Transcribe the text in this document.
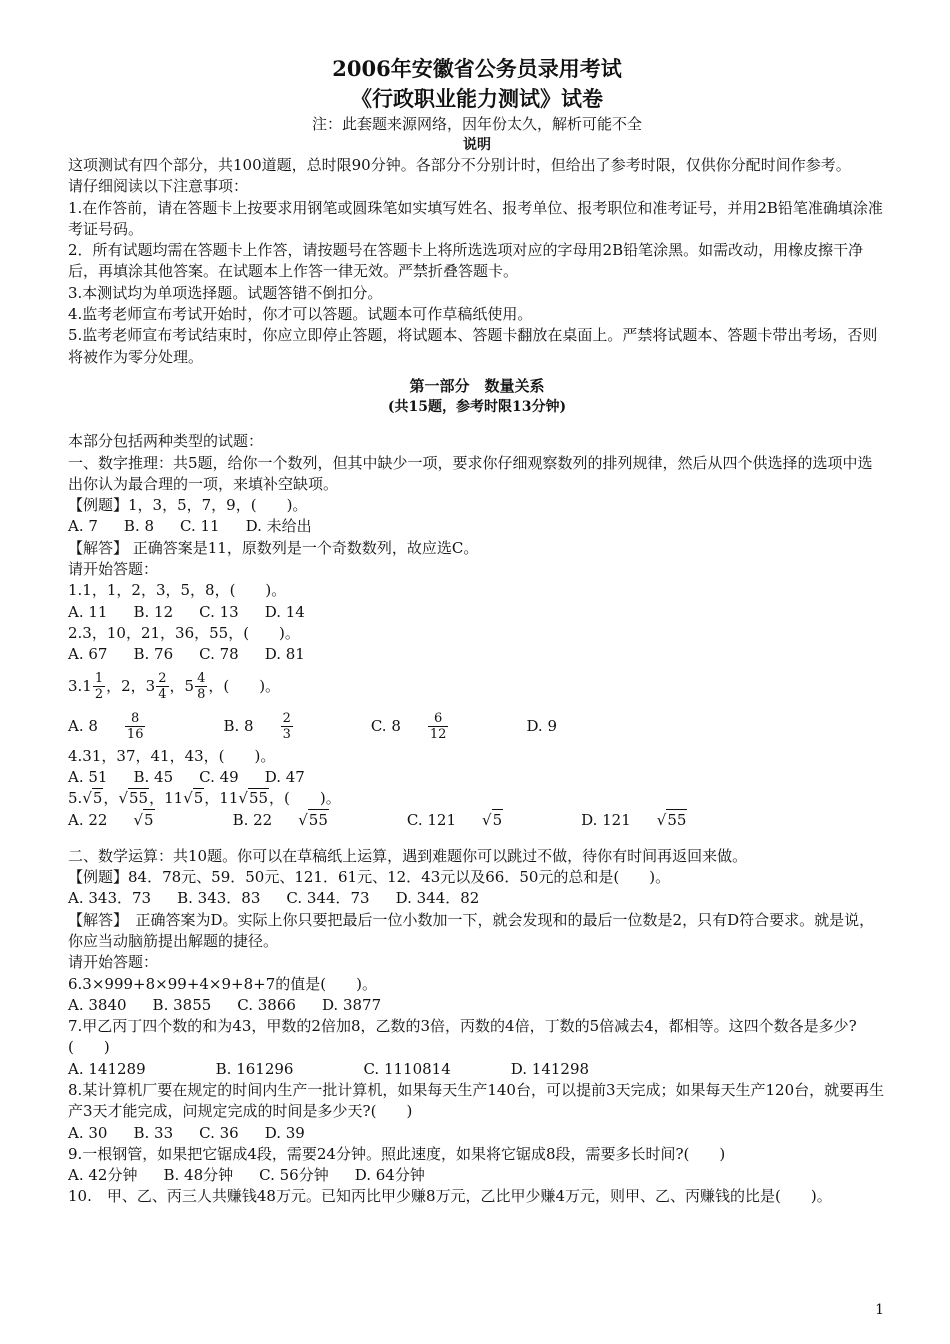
2006年安徽省公务员录用考试
《行政职业能力测试》试卷
注：此套题来源网络，因年份太久，解析可能不全
说明

这项测试有四个部分，共100道题，总时限90分钟。各部分不分别计时，但给出了参考时限，仅供你分配时间作参考。

请仔细阅读以下注意事项：

1.在作答前，请在答题卡上按要求用钢笔或圆珠笔如实填写姓名、报考单位、报考职位和准考证号，并用2B铅笔准确填涂准考证号码。

2．所有试题均需在答题卡上作答，请按题号在答题卡上将所选选项对应的字母用2B铅笔涂黑。如需改动，用橡皮擦干净后，再填涂其他答案。在试题本上作答一律无效。严禁折叠答题卡。

3.本测试均为单项选择题。试题答错不倒扣分。

4.监考老师宣布考试开始时，你才可以答题。试题本可作草稿纸使用。

5.监考老师宣布考试结束时，你应立即停止答题，将试题本、答题卡翻放在桌面上。严禁将试题本、答题卡带出考场，否则将被作为零分处理。

第一部分　数量关系
(共15题，参考时限13分钟)

本部分包括两种类型的试题：

一、数字推理：共5题，给你一个数列，但其中缺少一项，要求你仔细观察数列的排列规律，然后从四个供选择的选项中选出你认为最合理的一项，来填补空缺项。

【例题】1，3，5，7，9，(　　)。

A. 7 B. 8 C. 11 D. 未给出

【解答】 正确答案是11，原数列是一个奇数数列，故应选C。

请开始答题：

1.1，1，2，3，5，8，(　　)。

A. 11 B. 12 C. 13 D. 14

2.3，10，21，36，55，(　　)。

A. 67 B. 76 C. 78 D. 81
$3.1 \frac{1}{2}$ ，2，$3 \frac{2}{4}$ ，$5 \frac{4}{8}$ ，(　　)。
A. $8 \frac{8}{16}$	B. $8 \frac{2}{3}$	C. $8 \frac{6}{12}$	D. 9

4.31，37，41，43，(　　)。

A. 51 B. 45 C. 49 D. 47
5.√5，√55，11√5，11√55，(　　)。
A. 22 √5	B. 22 √55	C. 121 √5	D. 121 √55

二、数学运算：共10题。你可以在草稿纸上运算，遇到难题你可以跳过不做，待你有时间再返回来做。

【例题】84．78元、59．50元、121．61元、12．43元以及66．50元的总和是(　　)。

A. 343．73 B. 343．83 C. 344．73 D. 344．82

【解答】　正确答案为D。实际上你只要把最后一位小数加一下，就会发现和的最后一位数是2，只有D符合要求。就是说，你应当动脑筋提出解题的捷径。

请开始答题：

6.3×999+8×99+4×9+8+7的值是(　　)。

A. 3840 B. 3855 C. 3866 D. 3877

7.甲乙丙丁四个数的和为43，甲数的2倍加8，乙数的3倍，丙数的4倍，丁数的5倍减去4，都相等。这四个数各是多少?(　　)

A. 141289	B. 161296	C. 1110814	D. 141298

8.某计算机厂要在规定的时间内生产一批计算机，如果每天生产140台，可以提前3天完成；如果每天生产120台，就要再生产3天才能完成，问规定完成的时间是多少天?(　　)

A. 30 B. 33 C. 36 D. 39

9.一根钢管，如果把它锯成4段，需要24分钟。照此速度，如果将它锯成8段，需要多长时间?(　　)

A. 42分钟 B. 48分钟 C. 56分钟 D. 64分钟

10.　甲、乙、丙三人共赚钱48万元。已知丙比甲少赚8万元，乙比甲少赚4万元，则甲、乙、丙赚钱的比是(　　)。

1
